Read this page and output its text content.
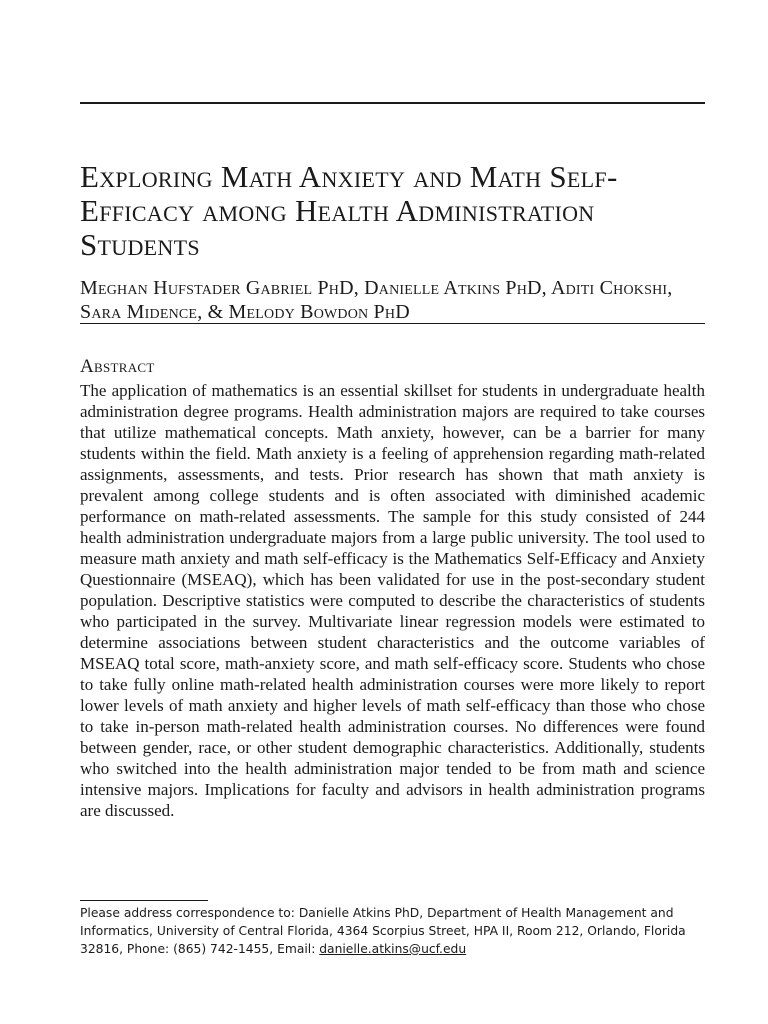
Exploring Math Anxiety and Math Self-Efficacy among Health Administration Students

Meghan Hufstader Gabriel PhD, Danielle Atkins PhD, Aditi Chokshi, Sara Midence, & Melody Bowdon PhD

Abstract

The application of mathematics is an essential skillset for students in undergraduate health administration degree programs. Health administration majors are required to take courses that utilize mathematical concepts. Math anxiety, however, can be a barrier for many students within the field. Math anxiety is a feeling of apprehension regarding math-related assignments, assessments, and tests. Prior research has shown that math anxiety is prevalent among college students and is often associated with diminished academic performance on math-related assessments. The sample for this study consisted of 244 health administration undergraduate majors from a large public university. The tool used to measure math anxiety and math self-efficacy is the Mathematics Self-Efficacy and Anxiety Questionnaire (MSEAQ), which has been validated for use in the post-secondary student population. Descriptive statistics were computed to describe the characteristics of students who participated in the survey. Multivariate linear regression models were estimated to determine associations between student characteristics and the outcome variables of MSEAQ total score, math-anxiety score, and math self-efficacy score. Students who chose to take fully online math-related health administration courses were more likely to report lower levels of math anxiety and higher levels of math self-efficacy than those who chose to take in-person math-related health administration courses. No differences were found between gender, race, or other student demographic characteristics. Additionally, students who switched into the health administration major tended to be from math and science intensive majors. Implications for faculty and advisors in health administration programs are discussed.

Please address correspondence to: Danielle Atkins PhD, Department of Health Management and Informatics, University of Central Florida, 4364 Scorpius Street, HPA II, Room 212, Orlando, Florida 32816, Phone: (865) 742-1455, Email: danielle.atkins@ucf.edu
